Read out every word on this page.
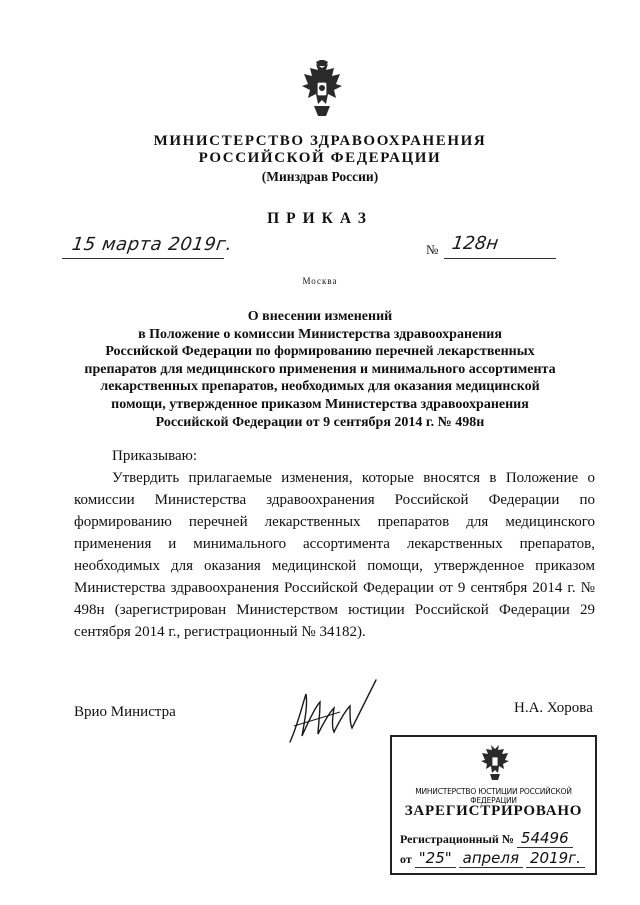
МИНИСТЕРСТВО ЗДРАВООХРАНЕНИЯ
РОССИЙСКОЙ ФЕДЕРАЦИИ
(Минздрав России)
ПРИКАЗ
15 марта 2019г.	№ 128н
Москва
О внесении изменений
в Положение о комиссии Министерства здравоохранения
Российской Федерации по формированию перечней лекарственных
препаратов для медицинского применения и минимального ассортимента
лекарственных препаратов, необходимых для оказания медицинской
помощи, утвержденное приказом Министерства здравоохранения
Российской Федерации от 9 сентября 2014 г. № 498н
Приказываю:
Утвердить прилагаемые изменения, которые вносятся в Положение о комиссии Министерства здравоохранения Российской Федерации по формированию перечней лекарственных препаратов для медицинского применения и минимального ассортимента лекарственных препаратов, необходимых для оказания медицинской помощи, утвержденное приказом Министерства здравоохранения Российской Федерации от 9 сентября 2014 г. № 498н (зарегистрирован Министерством юстиции Российской Федерации 29 сентября 2014 г., регистрационный № 34182).
Врио Министра	Н.А. Хорова
МИНИСТЕРСТВО ЮСТИЦИИ РОССИЙСКОЙ ФЕДЕРАЦИИ
ЗАРЕГИСТРИРОВАНО
Регистрационный № 54496
от "25" апреля 2019г.
